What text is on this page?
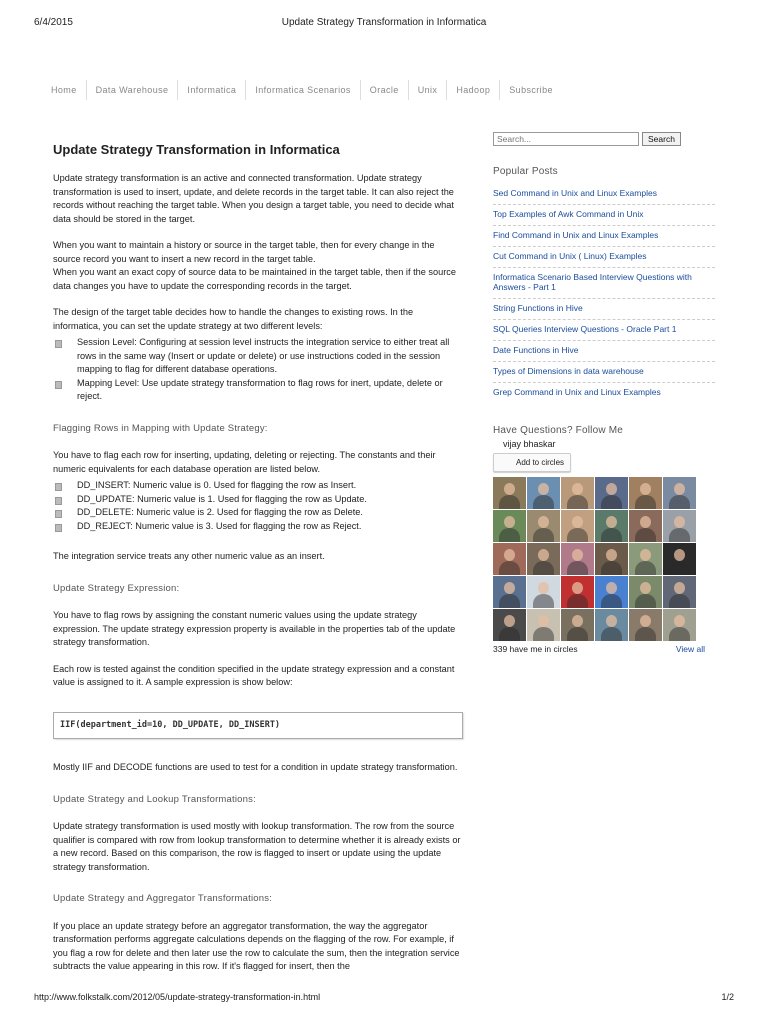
6/4/2015	Update Strategy Transformation in Informatica
Home	Data Warehouse	Informatica	Informatica Scenarios	Oracle	Unix	Hadoop	Subscribe
Update Strategy Transformation in Informatica

Update strategy transformation is an active and connected transformation. Update strategy transformation is used to insert, update, and delete records in the target table. It can also reject the records without reaching the target table. When you design a target table, you need to decide what data should be stored in the target.

When you want to maintain a history or source in the target table, then for every change in the source record you want to insert a new record in the target table.

When you want an exact copy of source data to be maintained in the target table, then if the source data changes you have to update the corresponding records in the target.

The design of the target table decides how to handle the changes to existing rows. In the informatica, you can set the update strategy at two different levels:

Session Level: Configuring at session level instructs the integration service to either treat all rows in the same way (Insert or update or delete) or use instructions coded in the session mapping to flag for different database operations.
Mapping Level: Use update strategy transformation to flag rows for inert, update, delete or reject.
Flagging Rows in Mapping with Update Strategy:

You have to flag each row for inserting, updating, deleting or rejecting. The constants and their numeric equivalents for each database operation are listed below.

DD_INSERT: Numeric value is 0. Used for flagging the row as Insert.
DD_UPDATE: Numeric value is 1. Used for flagging the row as Update.
DD_DELETE: Numeric value is 2. Used for flagging the row as Delete.
DD_REJECT: Numeric value is 3. Used for flagging the row as Reject.

The integration service treats any other numeric value as an insert.

Update Strategy Expression:

You have to flag rows by assigning the constant numeric values using the update strategy expression. The update strategy expression property is available in the properties tab of the update strategy transformation.

Each row is tested against the condition specified in the update strategy expression and a constant value is assigned to it. A sample expression is show below:

IIF(department_id=10, DD_UPDATE, DD_INSERT)

Mostly IIF and DECODE functions are used to test for a condition in update strategy transformation.

Update Strategy and Lookup Transformations:

Update strategy transformation is used mostly with lookup transformation. The row from the source qualifier is compared with row from lookup transformation to determine whether it is already exists or a new record. Based on this comparison, the row is flagged to insert or update using the update strategy transformation.

Update Strategy and Aggregator Transformations:

If you place an update strategy before an aggregator transformation, the way the aggregator transformation performs aggregate calculations depends on the flagging of the row. For example, if you flag a row for delete and then later use the row to calculate the sum, then the integration service subtracts the value appearing in this row. If it's flagged for insert, then the

Search...
Search
Popular Posts
Sed Command in Unix and Linux Examples
Top Examples of Awk Command in Unix
Find Command in Unix and Linux Examples
Cut Command in Unix ( Linux) Examples
Informatica Scenario Based Interview Questions with Answers - Part 1
String Functions in Hive
SQL Queries Interview Questions - Oracle Part 1
Date Functions in Hive
Types of Dimensions in data warehouse
Grep Command in Unix and Linux Examples
Have Questions? Follow Me
vijay bhaskar
Add to circles
339 have me in circles	View all
http://www.folkstalk.com/2012/05/update-strategy-transformation-in.html	1/2
